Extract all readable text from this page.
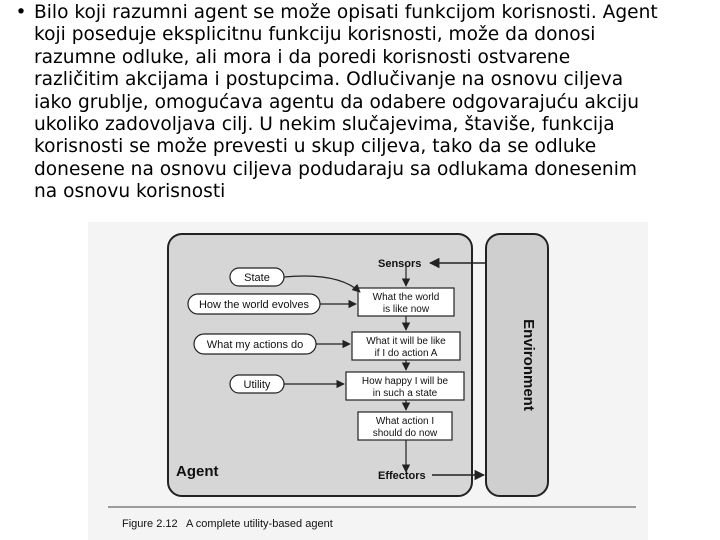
• Bilo koji razumni agent se može opisati funkcijom korisnosti. Agent
koji poseduje eksplicitnu funkciju korisnosti, može da donosi
razumne odluke, ali mora i da poredi korisnosti ostvarene
različitim akcijama i postupcima. Odlučivanje na osnovu ciljeva
iako grublje, omogućava agentu da odabere odgovarajuću akciju
ukoliko zadovoljava cilj. U nekim slučajevima, štaviše, funkcija
korisnosti se može prevesti u skup ciljeva, tako da se odluke
donesene na osnovu ciljeva podudaraju sa odlukama donesenim
na osnovu korisnosti
Environment
Sensors
Effectors
State
How the world evolves
What my actions do
Utility
What the world
is like now
What it will be like
if I do action A
How happy I will be
in such a state
What action I
should do now
Agent
Figure 2.12 A complete utility-based agent
